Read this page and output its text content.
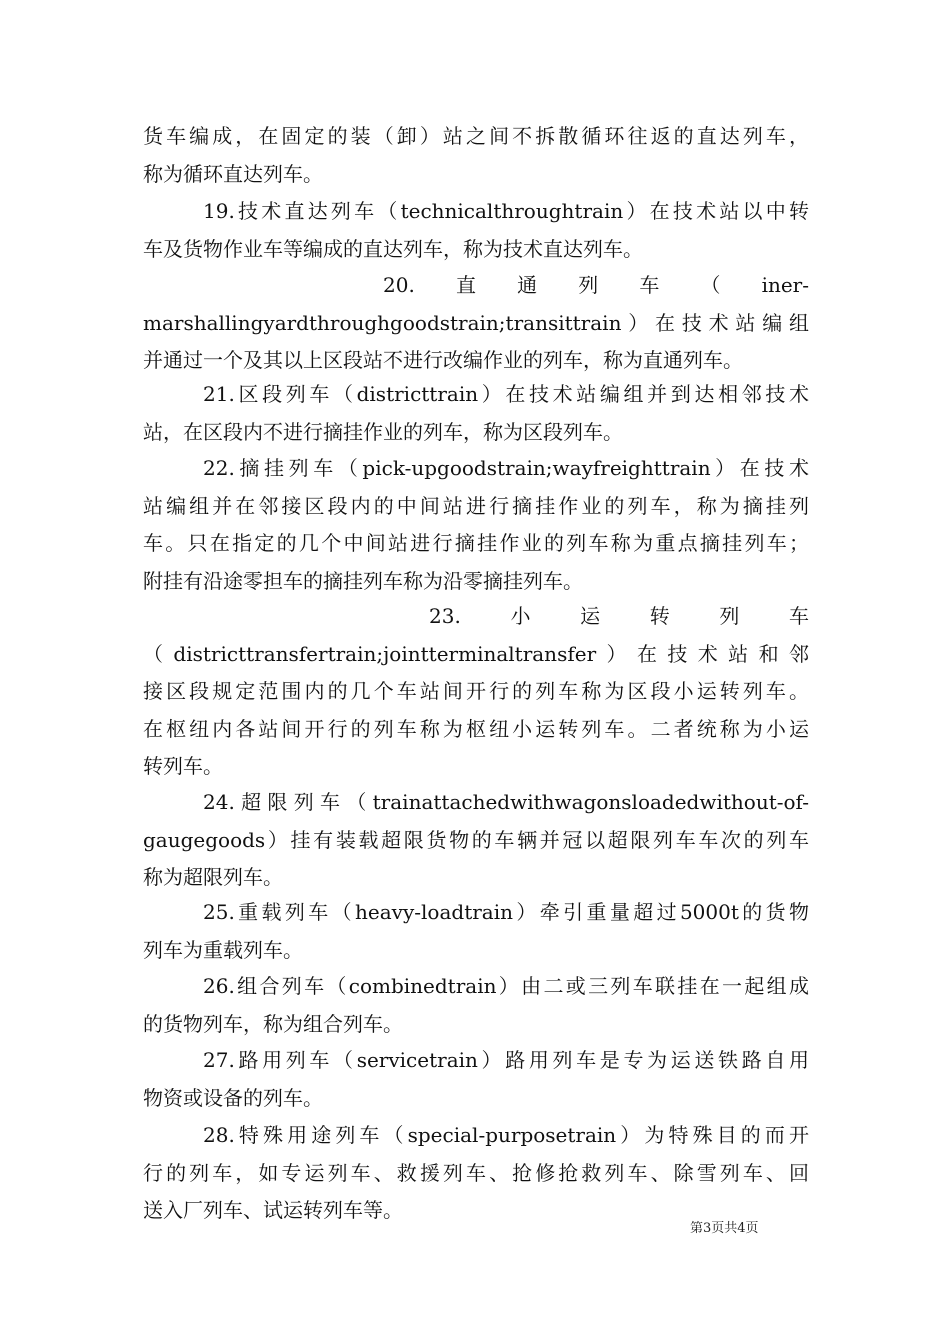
货车编成，在固定的装（卸）站之间不拆散循环往返的直达列车，
称为循环直达列车。
19.技术直达列车（technicalthroughtrain）在技术站以中转
车及货物作业车等编成的直达列车，称为技术直达列车。
20. 直 通 列 车 （ iner-
marshallingyardthroughgoodstrain;transittrain）在技术站编组
并通过一个及其以上区段站不进行改编作业的列车，称为直通列车。
21.区段列车（districttrain）在技术站编组并到达相邻技术
站，在区段内不进行摘挂作业的列车，称为区段列车。
22.摘挂列车（pick-upgoodstrain;wayfreighttrain）在技术
站编组并在邻接区段内的中间站进行摘挂作业的列车，称为摘挂列
车。只在指定的几个中间站进行摘挂作业的列车称为重点摘挂列车；
附挂有沿途零担车的摘挂列车称为沿零摘挂列车。
23. 小 运 转 列 车
（districttransfertrain;jointterminaltransfer）在技术站和邻
接区段规定范围内的几个车站间开行的列车称为区段小运转列车。
在枢纽内各站间开行的列车称为枢纽小运转列车。二者统称为小运
转列车。
24.超限列车（trainattachedwithwagonsloadedwithout-of-
gaugegoods）挂有装载超限货物的车辆并冠以超限列车车次的列车
称为超限列车。
25.重载列车（heavy-loadtrain）牵引重量超过5000t的货物
列车为重载列车。
26.组合列车（combinedtrain）由二或三列车联挂在一起组成
的货物列车，称为组合列车。
27.路用列车（servicetrain）路用列车是专为运送铁路自用
物资或设备的列车。
28.特殊用途列车（special-purposetrain）为特殊目的而开
行的列车，如专运列车、救援列车、抢修抢救列车、除雪列车、回
送入厂列车、试运转列车等。
第3页共4页
